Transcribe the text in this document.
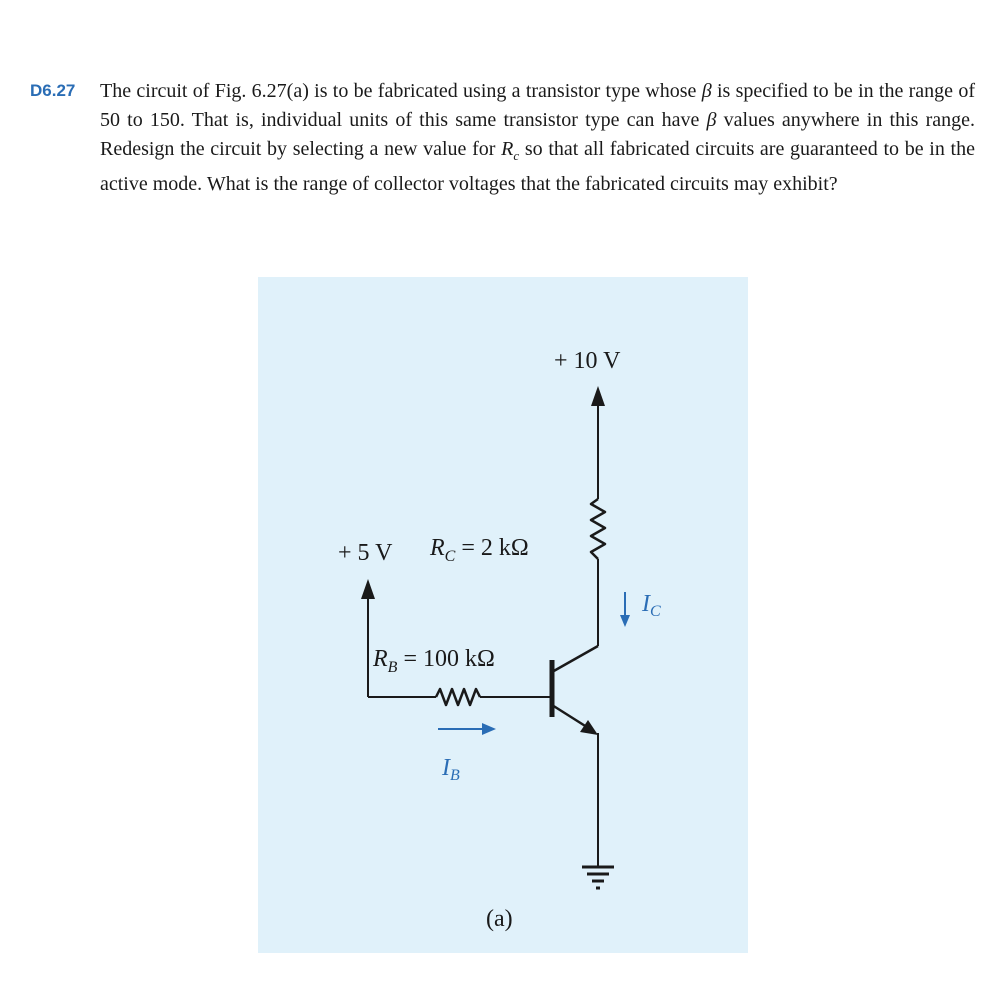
D6.27 The circuit of Fig. 6.27(a) is to be fabricated using a transistor type whose β is specified to be in the range of 50 to 150. That is, individual units of this same transistor type can have β values anywhere in this range. Redesign the circuit by selecting a new value for $R_c$ so that all fabricated circuits are guaranteed to be in the active mode. What is the range of collector voltages that the fabricated circuits may exhibit?
+ 10 V
$I_C$
+ 5 V $R_C = 2$ kΩ
$R_B = 100$ kΩ
$I_B$
(a)
